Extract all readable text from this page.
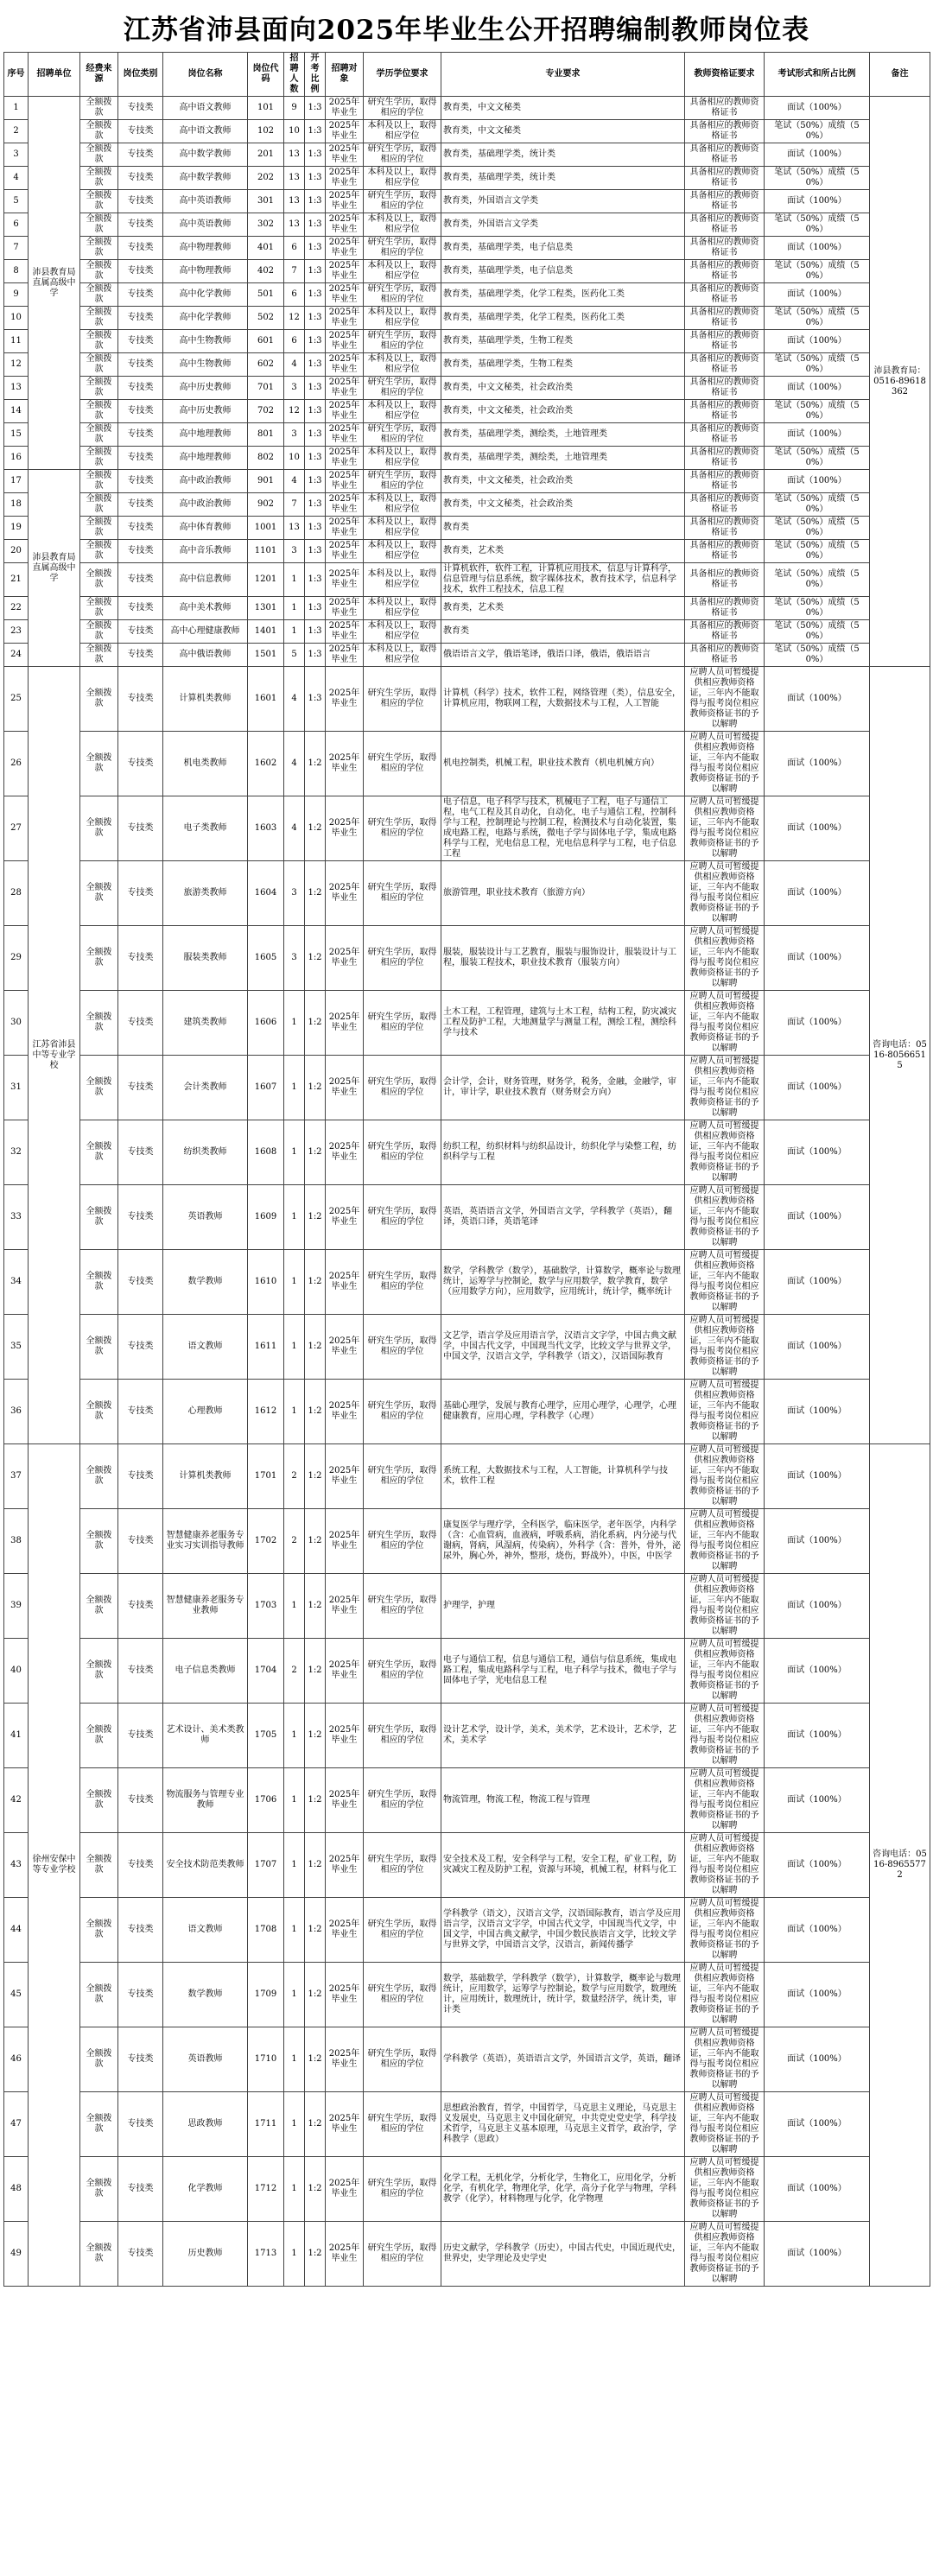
江苏省沛县面向2025年毕业生公开招聘编制教师岗位表
序号	招聘单位	经费来源	岗位类别	岗位名称	岗位代码	招聘人数	开考比例	招聘对象	学历学位要求	专业要求	教师资格证要求	考试形式和所占比例	备注
1	沛县教育局直属高级中学	全额拨款	专技类	高中语文教师	101	9	1:3	2025年毕业生	研究生学历，取得相应的学位	教育类，中文文秘类	具备相应的教师资格证书	面试（100%）	沛县教育局：0516-89618362
2		全额拨款	专技类	高中语文教师	102	10	1:3	2025年毕业生	本科及以上，取得相应学位	教育类，中文文秘类	具备相应的教师资格证书	笔试（50%）成绩（50%）	
3		全额拨款	专技类	高中数学教师	201	13	1:3	2025年毕业生	研究生学历，取得相应的学位	教育类，基础理学类，统计类	具备相应的教师资格证书	面试（100%）	
4		全额拨款	专技类	高中数学教师	202	13	1:3	2025年毕业生	本科及以上，取得相应学位	教育类，基础理学类，统计类	具备相应的教师资格证书	笔试（50%）成绩（50%）	
5		全额拨款	专技类	高中英语教师	301	13	1:3	2025年毕业生	研究生学历，取得相应的学位	教育类，外国语言文学类	具备相应的教师资格证书	面试（100%）	
6		全额拨款	专技类	高中英语教师	302	13	1:3	2025年毕业生	本科及以上，取得相应学位	教育类，外国语言文学类	具备相应的教师资格证书	笔试（50%）成绩（50%）	
7		全额拨款	专技类	高中物理教师	401	6	1:3	2025年毕业生	研究生学历，取得相应的学位	教育类，基础理学类，电子信息类	具备相应的教师资格证书	面试（100%）	
8		全额拨款	专技类	高中物理教师	402	7	1:3	2025年毕业生	本科及以上，取得相应学位	教育类，基础理学类，电子信息类	具备相应的教师资格证书	笔试（50%）成绩（50%）	
9		全额拨款	专技类	高中化学教师	501	6	1:3	2025年毕业生	研究生学历，取得相应的学位	教育类，基础理学类，化学工程类，医药化工类	具备相应的教师资格证书	面试（100%）	
10		全额拨款	专技类	高中化学教师	502	12	1:3	2025年毕业生	本科及以上，取得相应学位	教育类，基础理学类，化学工程类，医药化工类	具备相应的教师资格证书	笔试（50%）成绩（50%）	
11		全额拨款	专技类	高中生物教师	601	6	1:3	2025年毕业生	研究生学历，取得相应的学位	教育类，基础理学类，生物工程类	具备相应的教师资格证书	面试（100%）	
12		全额拨款	专技类	高中生物教师	602	4	1:3	2025年毕业生	本科及以上，取得相应学位	教育类，基础理学类，生物工程类	具备相应的教师资格证书	笔试（50%）成绩（50%）	
13		全额拨款	专技类	高中历史教师	701	3	1:3	2025年毕业生	研究生学历，取得相应的学位	教育类，中文文秘类，社会政治类	具备相应的教师资格证书	面试（100%）	
14		全额拨款	专技类	高中历史教师	702	12	1:3	2025年毕业生	本科及以上，取得相应学位	教育类，中文文秘类，社会政治类	具备相应的教师资格证书	笔试（50%）成绩（50%）	
15		全额拨款	专技类	高中地理教师	801	3	1:3	2025年毕业生	研究生学历，取得相应的学位	教育类，基础理学类，测绘类，土地管理类	具备相应的教师资格证书	面试（100%）	
16		全额拨款	专技类	高中地理教师	802	10	1:3	2025年毕业生	本科及以上，取得相应学位	教育类，基础理学类，测绘类，土地管理类	具备相应的教师资格证书	笔试（50%）成绩（50%）	
17	沛县教育局直属高级中学	全额拨款	专技类	高中政治教师	901	4	1:3	2025年毕业生	研究生学历，取得相应的学位	教育类，中文文秘类，社会政治类	具备相应的教师资格证书	面试（100%）	
18		全额拨款	专技类	高中政治教师	902	7	1:3	2025年毕业生	本科及以上，取得相应学位	教育类，中文文秘类，社会政治类	具备相应的教师资格证书	笔试（50%）成绩（50%）	
19		全额拨款	专技类	高中体育教师	1001	13	1:3	2025年毕业生	本科及以上，取得相应学位	教育类	具备相应的教师资格证书	笔试（50%）成绩（50%）	
20		全额拨款	专技类	高中音乐教师	1101	3	1:3	2025年毕业生	本科及以上，取得相应学位	教育类，艺术类	具备相应的教师资格证书	笔试（50%）成绩（50%）	
21		全额拨款	专技类	高中信息教师	1201	1	1:3	2025年毕业生	本科及以上，取得相应学位	计算机软件，软件工程，计算机应用技术，信息与计算科学，信息管理与信息系统，数字媒体技术，教育技术学，信息科学技术，软件工程技术，信息工程	具备相应的教师资格证书	笔试（50%）成绩（50%）	
22		全额拨款	专技类	高中美术教师	1301	1	1:3	2025年毕业生	本科及以上，取得相应学位	教育类，艺术类	具备相应的教师资格证书	笔试（50%）成绩（50%）	
23		全额拨款	专技类	高中心理健康教师	1401	1	1:3	2025年毕业生	本科及以上，取得相应学位	教育类	具备相应的教师资格证书	笔试（50%）成绩（50%）	
24		全额拨款	专技类	高中俄语教师	1501	5	1:3	2025年毕业生	本科及以上，取得相应学位	俄语语言文学，俄语笔译，俄语口译，俄语，俄语语言	具备相应的教师资格证书	笔试（50%）成绩（50%）	
25	江苏省沛县中等专业学校	全额拨款	专技类	计算机类教师	1601	4	1:3	2025年毕业生	研究生学历，取得相应的学位	计算机（科学）技术，软件工程，网络管理（类），信息安全，计算机应用，物联网工程，大数据技术与工程，人工智能	应聘人员可暂缓提供相应教师资格证，三年内不能取得与报考岗位相应教师资格证书的予以解聘	面试（100%）	咨询电话：0516-80566515
26		全额拨款	专技类	机电类教师	1602	4	1:2	2025年毕业生	研究生学历，取得相应的学位	机电控制类，机械工程，职业技术教育（机电机械方向）	应聘人员可暂缓提供相应教师资格证，三年内不能取得与报考岗位相应教师资格证书的予以解聘	面试（100%）	
27		全额拨款	专技类	电子类教师	1603	4	1:2	2025年毕业生	研究生学历，取得相应的学位	电子信息，电子科学与技术，机械电子工程，电子与通信工程，电气工程及其自动化，自动化，电子与通信工程，控制科学与工程，控制理论与控制工程，检测技术与自动化装置，集成电路工程，电路与系统，微电子学与固体电子学，集成电路科学与工程，光电信息工程，光电信息科学与工程，电子信息工程	应聘人员可暂缓提供相应教师资格证，三年内不能取得与报考岗位相应教师资格证书的予以解聘	面试（100%）	
28		全额拨款	专技类	旅游类教师	1604	3	1:2	2025年毕业生	研究生学历，取得相应的学位	旅游管理，职业技术教育（旅游方向）	应聘人员可暂缓提供相应教师资格证，三年内不能取得与报考岗位相应教师资格证书的予以解聘	面试（100%）	
29		全额拨款	专技类	服装类教师	1605	3	1:2	2025年毕业生	研究生学历，取得相应的学位	服装，服装设计与工艺教育，服装与服饰设计，服装设计与工程，服装工程技术，职业技术教育（服装方向）	应聘人员可暂缓提供相应教师资格证，三年内不能取得与报考岗位相应教师资格证书的予以解聘	面试（100%）	
30		全额拨款	专技类	建筑类教师	1606	1	1:2	2025年毕业生	研究生学历，取得相应的学位	土木工程，工程管理，建筑与土木工程，结构工程，防灾减灾工程及防护工程，大地测量学与测量工程，测绘工程，测绘科学与技术	应聘人员可暂缓提供相应教师资格证，三年内不能取得与报考岗位相应教师资格证书的予以解聘	面试（100%）	
31		全额拨款	专技类	会计类教师	1607	1	1:2	2025年毕业生	研究生学历，取得相应的学位	会计学，会计，财务管理，财务学，税务，金融，金融学，审计，审计学，职业技术教育（财务财会方向）	应聘人员可暂缓提供相应教师资格证，三年内不能取得与报考岗位相应教师资格证书的予以解聘	面试（100%）	
32		全额拨款	专技类	纺织类教师	1608	1	1:2	2025年毕业生	研究生学历，取得相应的学位	纺织工程，纺织材料与纺织品设计，纺织化学与染整工程，纺织科学与工程	应聘人员可暂缓提供相应教师资格证，三年内不能取得与报考岗位相应教师资格证书的予以解聘	面试（100%）	
33		全额拨款	专技类	英语教师	1609	1	1:2	2025年毕业生	研究生学历，取得相应的学位	英语，英语语言文学，外国语言文学，学科教学（英语），翻译，英语口译，英语笔译	应聘人员可暂缓提供相应教师资格证，三年内不能取得与报考岗位相应教师资格证书的予以解聘	面试（100%）	
34		全额拨款	专技类	数学教师	1610	1	1:2	2025年毕业生	研究生学历，取得相应的学位	数学，学科教学（数学），基础数学，计算数学，概率论与数理统计，运筹学与控制论，数学与应用数学，数学教育，数学（应用数学方向），应用数学，应用统计，统计学，概率统计	应聘人员可暂缓提供相应教师资格证，三年内不能取得与报考岗位相应教师资格证书的予以解聘	面试（100%）	
35		全额拨款	专技类	语文教师	1611	1	1:2	2025年毕业生	研究生学历，取得相应的学位	文艺学，语言学及应用语言学，汉语言文字学，中国古典文献学，中国古代文学，中国现当代文学，比较文学与世界文学，中国文学，汉语言文学，学科教学（语文），汉语国际教育	应聘人员可暂缓提供相应教师资格证，三年内不能取得与报考岗位相应教师资格证书的予以解聘	面试（100%）	
36		全额拨款	专技类	心理教师	1612	1	1:2	2025年毕业生	研究生学历，取得相应的学位	基础心理学，发展与教育心理学，应用心理学，心理学，心理健康教育，应用心理，学科教学（心理）	应聘人员可暂缓提供相应教师资格证，三年内不能取得与报考岗位相应教师资格证书的予以解聘	面试（100%）	
37	徐州安保中等专业学校	全额拨款	专技类	计算机类教师	1701	2	1:2	2025年毕业生	研究生学历，取得相应的学位	系统工程，大数据技术与工程，人工智能，计算机科学与技术，软件工程	应聘人员可暂缓提供相应教师资格证，三年内不能取得与报考岗位相应教师资格证书的予以解聘	面试（100%）	咨询电话：0516-89655772
38		全额拨款	专技类	智慧健康养老服务专业实习实训指导教师	1702	2	1:2	2025年毕业生	研究生学历，取得相应的学位	康复医学与理疗学，全科医学，临床医学，老年医学，内科学（含：心血管病，血液病，呼吸系病，消化系病，内分泌与代谢病，肾病，风湿病，传染病），外科学（含：普外，骨外，泌尿外，胸心外，神外，整形，烧伤，野战外），中医，中医学	应聘人员可暂缓提供相应教师资格证，三年内不能取得与报考岗位相应教师资格证书的予以解聘	面试（100%）	
39		全额拨款	专技类	智慧健康养老服务专业教师	1703	1	1:2	2025年毕业生	研究生学历，取得相应的学位	护理学，护理	应聘人员可暂缓提供相应教师资格证，三年内不能取得与报考岗位相应教师资格证书的予以解聘	面试（100%）	
40		全额拨款	专技类	电子信息类教师	1704	2	1:2	2025年毕业生	研究生学历，取得相应的学位	电子与通信工程，信息与通信工程，通信与信息系统，集成电路工程，集成电路科学与工程，电子科学与技术，微电子学与固体电子学，光电信息工程	应聘人员可暂缓提供相应教师资格证，三年内不能取得与报考岗位相应教师资格证书的予以解聘	面试（100%）	
41		全额拨款	专技类	艺术设计、美术类教师	1705	1	1:2	2025年毕业生	研究生学历，取得相应的学位	设计艺术学，设计学，美术，美术学，艺术设计，艺术学，艺术，美术学	应聘人员可暂缓提供相应教师资格证，三年内不能取得与报考岗位相应教师资格证书的予以解聘	面试（100%）	
42		全额拨款	专技类	物流服务与管理专业教师	1706	1	1:2	2025年毕业生	研究生学历，取得相应的学位	物流管理，物流工程，物流工程与管理	应聘人员可暂缓提供相应教师资格证，三年内不能取得与报考岗位相应教师资格证书的予以解聘	面试（100%）	
43		全额拨款	专技类	安全技术防范类教师	1707	1	1:2	2025年毕业生	研究生学历，取得相应的学位	安全技术及工程，安全科学与工程，安全工程，矿业工程，防灾减灾工程及防护工程，资源与环境，机械工程，材料与化工	应聘人员可暂缓提供相应教师资格证，三年内不能取得与报考岗位相应教师资格证书的予以解聘	面试（100%）	
44		全额拨款	专技类	语文教师	1708	1	1:2	2025年毕业生	研究生学历，取得相应的学位	学科教学（语文），汉语言文学，汉语国际教育，语言学及应用语言学，汉语言文字学，中国古代文学，中国现当代文学，中国文学，中国古典文献学，中国少数民族语言文学，比较文学与世界文学，中国语言文学，汉语言，新闻传播学	应聘人员可暂缓提供相应教师资格证，三年内不能取得与报考岗位相应教师资格证书的予以解聘	面试（100%）	
45		全额拨款	专技类	数学教师	1709	1	1:2	2025年毕业生	研究生学历，取得相应的学位	数学，基础数学，学科教学（数学），计算数学，概率论与数理统计，应用数学，运筹学与控制论，数学与应用数学，数理统计，应用统计，数理统计，统计学，数量经济学，统计类，审计类	应聘人员可暂缓提供相应教师资格证，三年内不能取得与报考岗位相应教师资格证书的予以解聘	面试（100%）	
46		全额拨款	专技类	英语教师	1710	1	1:2	2025年毕业生	研究生学历，取得相应的学位	学科教学（英语），英语语言文学，外国语言文学，英语，翻译	应聘人员可暂缓提供相应教师资格证，三年内不能取得与报考岗位相应教师资格证书的予以解聘	面试（100%）	
47		全额拨款	专技类	思政教师	1711	1	1:2	2025年毕业生	研究生学历，取得相应的学位	思想政治教育，哲学，中国哲学，马克思主义理论，马克思主义发展史，马克思主义中国化研究，中共党史党史学，科学技术哲学，马克思主义基本原理，马克思主义哲学，政治学，学科教学（思政）	应聘人员可暂缓提供相应教师资格证，三年内不能取得与报考岗位相应教师资格证书的予以解聘	面试（100%）	
48		全额拨款	专技类	化学教师	1712	1	1:2	2025年毕业生	研究生学历，取得相应的学位	化学工程，无机化学，分析化学，生物化工，应用化学，分析化学，有机化学，物理化学，化学，高分子化学与物理，学科教学（化学），材料物理与化学，化学物理	应聘人员可暂缓提供相应教师资格证，三年内不能取得与报考岗位相应教师资格证书的予以解聘	面试（100%）	
49		全额拨款	专技类	历史教师	1713	1	1:2	2025年毕业生	研究生学历，取得相应的学位	历史文献学，学科教学（历史），中国古代史，中国近现代史，世界史，史学理论及史学史	应聘人员可暂缓提供相应教师资格证，三年内不能取得与报考岗位相应教师资格证书的予以解聘	面试（100%）	
